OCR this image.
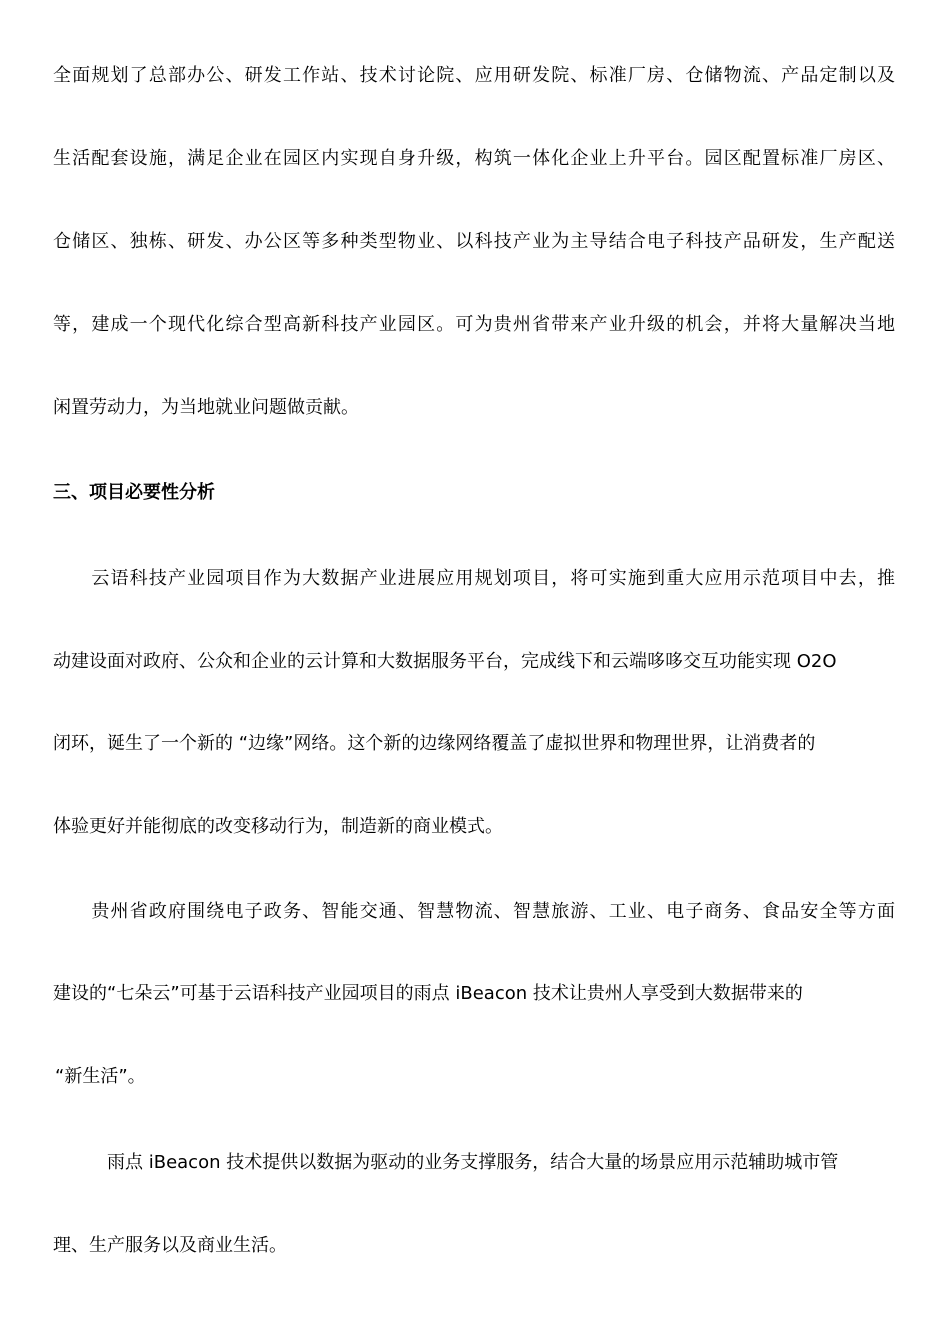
全面规划了总部办公、研发工作站、技术讨论院、应用研发院、标准厂房、仓储物流、产品定制以及
生活配套设施，满足企业在园区内实现自身升级，构筑一体化企业上升平台。园区配置标准厂房区、
仓储区、独栋、研发、办公区等多种类型物业、以科技产业为主导结合电子科技产品研发，生产配送
等，建成一个现代化综合型高新科技产业园区。可为贵州省带来产业升级的机会，并将大量解决当地
闲置劳动力，为当地就业问题做贡献。
三、项目必要性分析
　　云语科技产业园项目作为大数据产业进展应用规划项目，将可实施到重大应用示范项目中去，推
动建设面对政府、公众和企业的云计算和大数据服务平台，完成线下和云端哆哆交互功能实现 O2O
闭环，诞生了一个新的 “边缘”网络。这个新的边缘网络覆盖了虚拟世界和物理世界，让消费者的
体验更好并能彻底的改变移动行为，制造新的商业模式。
　　贵州省政府围绕电子政务、智能交通、智慧物流、智慧旅游、工业、电子商务、食品安全等方面
建设的“七朵云”可基于云语科技产业园项目的雨点 iBeacon 技术让贵州人享受到大数据带来的
“新生活”。
　　　雨点 iBeacon 技术提供以数据为驱动的业务支撑服务，结合大量的场景应用示范辅助城市管
理、生产服务以及商业生活。
